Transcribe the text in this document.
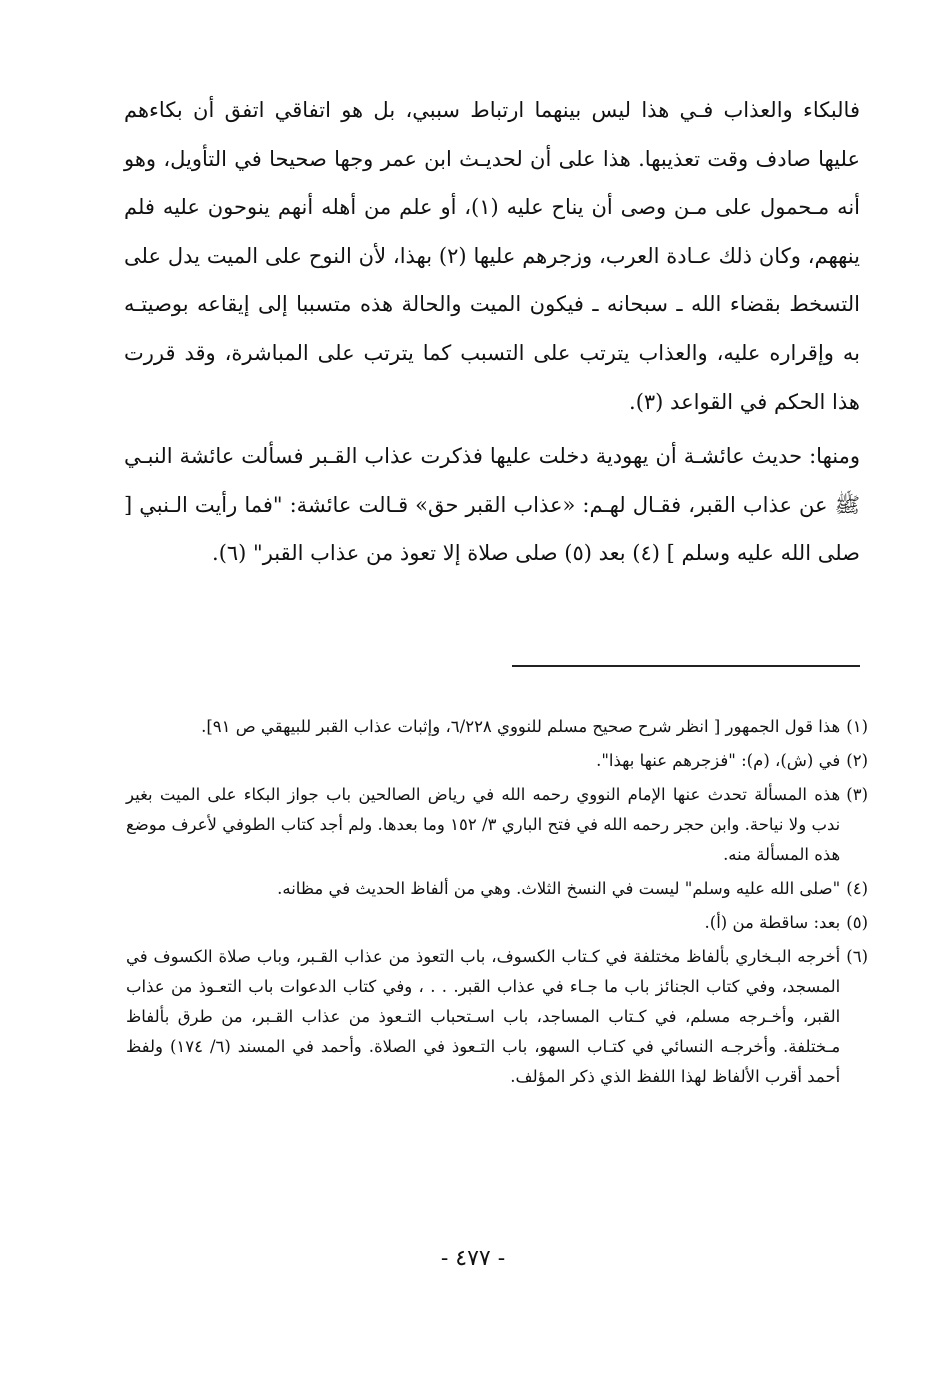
فالبكاء والعذاب فـي هذا ليس بينهما ارتباط سببي، بل هو اتفاقي اتفق أن بكاءهم عليها صادف وقت تعذيبها. هذا على أن لحديـث ابن عمر وجها صحيحا في التأويل، وهو أنه مـحمول على مـن وصى أن يناح عليه (١)، أو علم من أهله أنهم ينوحون عليه فلم ينههم، وكان ذلك عـادة العرب، وزجرهم عليها (٢) بهذا، لأن النوح على الميت يدل على التسخط بقضاء الله ـ سبحانه ـ فيكون الميت والحالة هذه متسببا إلى إيقاعه بوصيتـه به وإقراره عليه، والعذاب يترتب على التسبب كما يترتب على المباشرة، وقد قررت هذا الحكم في القواعد (٣).

ومنها: حديث عائشـة أن يهودية دخلت عليها فذكرت عذاب القـبر فسألت عائشة النبـي ﷺ عن عذاب القبر، فقـال لهـم: «عذاب القبر حق» قـالت عائشة: "فما رأيت الـنبي [ صلى الله عليه وسلم ] (٤) بعد (٥) صلى صلاة إلا تعوذ من عذاب القبر" (٦).

(١)
هذا قول الجمهور [ انظر شرح صحيح مسلم للنووي ٦/٢٢٨، وإثبات عذاب القبر للبيهقي ص ٩١].
(٢)
في (ش)، (م): "فزجرهم عنها بهذا".
(٣)
هذه المسألة تحدث عنها الإمام النووي رحمه الله في رياض الصالحين باب جواز البكاء على الميت بغير ندب ولا نياحة. وابن حجر رحمه الله في فتح الباري ٣/ ١٥٢ وما بعدها. ولم أجد كتاب الطوفي لأعرف موضع هذه المسألة منه.
(٤)
"صلى الله عليه وسلم" ليست في النسخ الثلاث. وهي من ألفاظ الحديث في مظانه.
(٥)
بعد: ساقطة من (أ).
(٦)
أخرجه البـخاري بألفاظ مختلفة في كـتاب الكسوف، باب التعوذ من عذاب القـبر، وباب صلاة الكسوف في المسجد، وفي كتاب الجنائز باب ما جـاء في عذاب القبر. . . ، وفي كتاب الدعوات باب التعـوذ من عذاب القبر، وأخـرجه مسلم، في كـتاب المساجد، باب اسـتحباب التـعوذ من عذاب القـبر، من طرق بألفاظ مـختلفة. وأخرجـه النسائي في كتـاب السهو، باب التـعوذ في الصلاة. وأحمد في المسند (٦/ ١٧٤) ولفظ أحمد أقرب الألفاظ لهذا اللفظ الذي ذكر المؤلف.
- ٤٧٧ -
